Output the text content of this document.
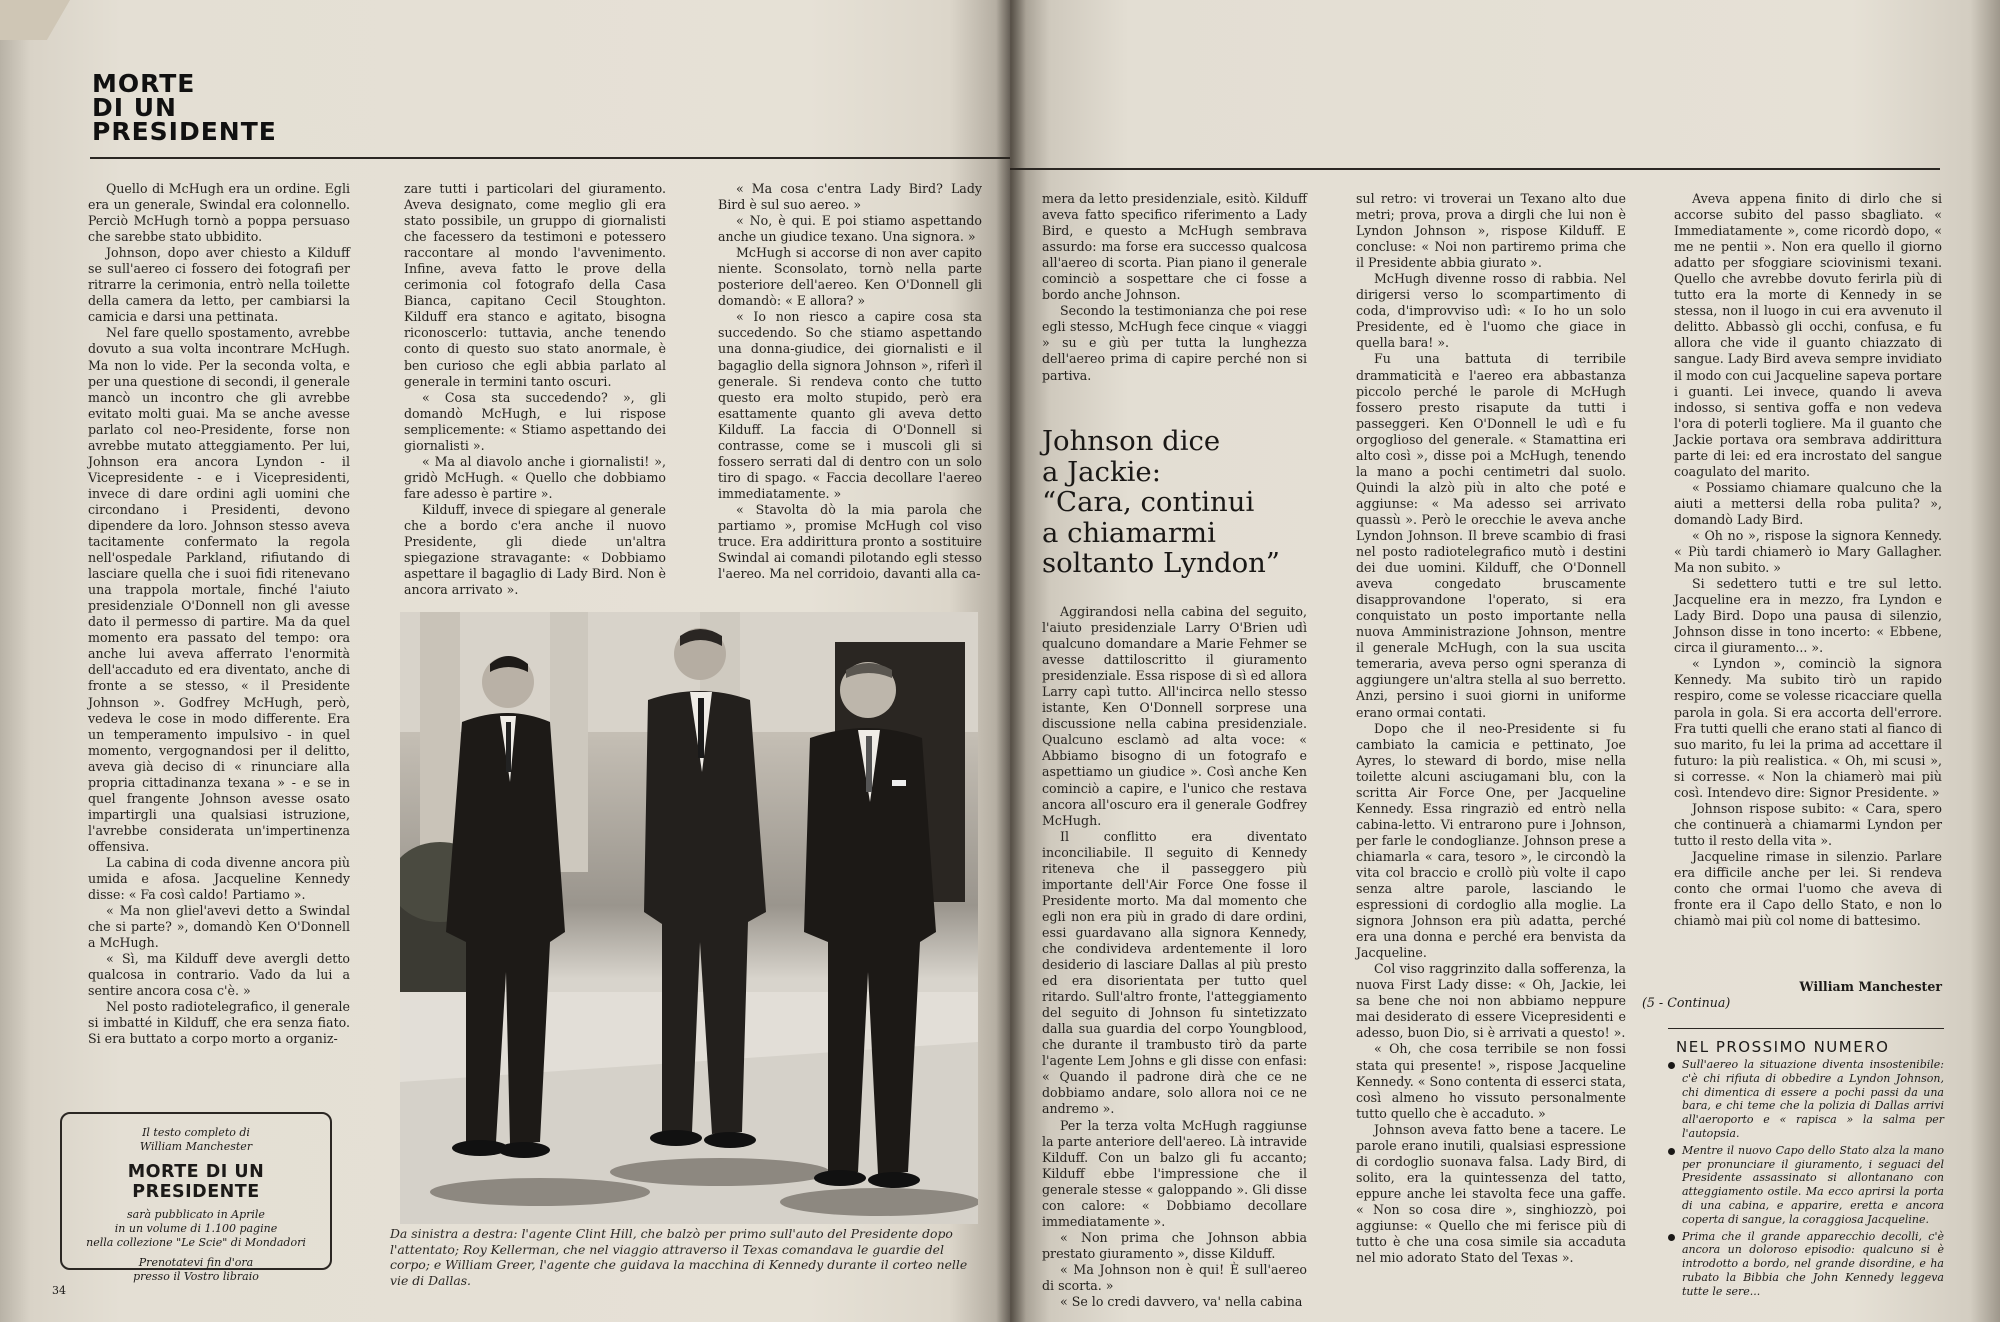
MORTE
DI UN
PRESIDENTE

Quello di McHugh era un ordine. Egli era un generale, Swindal era colonnello. Perciò McHugh tornò a poppa persuaso che sarebbe stato ubbidito.

Johnson, dopo aver chiesto a Kilduff se sull'aereo ci fossero dei fotografi per ritrarre la cerimonia, entrò nella toilette della camera da letto, per cambiarsi la camicia e darsi una pettinata.

Nel fare quello spostamento, avrebbe dovuto a sua volta incontrare McHugh. Ma non lo vide. Per la seconda volta, e per una questione di secondi, il generale mancò un incontro che gli avrebbe evitato molti guai. Ma se anche avesse parlato col neo-Presidente, forse non avrebbe mutato atteggiamento. Per lui, Johnson era ancora Lyndon - il Vicepresidente - e i Vicepresidenti, invece di dare ordini agli uomini che circondano i Presidenti, devono dipendere da loro. Johnson stesso aveva tacitamente confermato la regola nell'ospedale Parkland, rifiutando di lasciare quella che i suoi fidi ritenevano una trappola mortale, finché l'aiuto presidenziale O'Donnell non gli avesse dato il permesso di partire. Ma da quel momento era passato del tempo: ora anche lui aveva afferrato l'enormità dell'accaduto ed era diventato, anche di fronte a se stesso, « il Presidente Johnson ». Godfrey McHugh, però, vedeva le cose in modo differente. Era un temperamento impulsivo - in quel momento, vergognandosi per il delitto, aveva già deciso di « rinunciare alla propria cittadinanza texana » - e se in quel frangente Johnson avesse osato impartirgli una qualsiasi istruzione, l'avrebbe considerata un'impertinenza offensiva.

La cabina di coda divenne ancora più umida e afosa. Jacqueline Kennedy disse: « Fa così caldo! Partiamo ».

« Ma non gliel'avevi detto a Swindal che si parte? », domandò Ken O'Donnell a McHugh.

« Sì, ma Kilduff deve avergli detto qualcosa in contrario. Vado da lui a sentire ancora cosa c'è. »

Nel posto radiotelegrafico, il generale si imbatté in Kilduff, che era senza fiato. Si era buttato a corpo morto a organiz-

zare tutti i particolari del giuramento. Aveva designato, come meglio gli era stato possibile, un gruppo di giornalisti che facessero da testimoni e potessero raccontare al mondo l'avvenimento. Infine, aveva fatto le prove della cerimonia col fotografo della Casa Bianca, capitano Cecil Stoughton. Kilduff era stanco e agitato, bisogna riconoscerlo: tuttavia, anche tenendo conto di questo suo stato anormale, è ben curioso che egli abbia parlato al generale in termini tanto oscuri.

« Cosa sta succedendo? », gli domandò McHugh, e lui rispose semplicemente: « Stiamo aspettando dei giornalisti ».

« Ma al diavolo anche i giornalisti! », gridò McHugh. « Quello che dobbiamo fare adesso è partire ».

Kilduff, invece di spiegare al generale che a bordo c'era anche il nuovo Presidente, gli diede un'altra spiegazione stravagante: « Dobbiamo aspettare il bagaglio di Lady Bird. Non è ancora arrivato ».

« Ma cosa c'entra Lady Bird? Lady Bird è sul suo aereo. »

« No, è qui. E poi stiamo aspettando anche un giudice texano. Una signora. »

McHugh si accorse di non aver capito niente. Sconsolato, tornò nella parte posteriore dell'aereo. Ken O'Donnell gli domandò: « E allora? »

« Io non riesco a capire cosa sta succedendo. So che stiamo aspettando una donna-giudice, dei giornalisti e il bagaglio della signora Johnson », riferì il generale. Si rendeva conto che tutto questo era molto stupido, però era esattamente quanto gli aveva detto Kilduff. La faccia di O'Donnell si contrasse, come se i muscoli gli si fossero serrati dal di dentro con un solo tiro di spago. « Faccia decollare l'aereo immediatamente. »

« Stavolta dò la mia parola che partiamo », promise McHugh col viso truce. Era addirittura pronto a sostituire Swindal ai comandi pilotando egli stesso l'aereo. Ma nel corridoio, davanti alla ca-

Da sinistra a destra: l'agente Clint Hill, che balzò per primo sull'auto del Presidente dopo l'attentato; Roy Kellerman, che nel viaggio attraverso il Texas comandava le guardie del corpo; e William Greer, l'agente che guidava la macchina di Kennedy durante il corteo nelle vie di Dallas.
Il testo completo di
William Manchester
MORTE DI UN PRESIDENTE
sarà pubblicato in Aprile
in un volume di 1.100 pagine
nella collezione "Le Scie" di Mondadori
Prenotatevi fin d'ora
presso il Vostro libraio
34

mera da letto presidenziale, esitò. Kilduff aveva fatto specifico riferimento a Lady Bird, e questo a McHugh sembrava assurdo: ma forse era successo qualcosa all'aereo di scorta. Pian piano il generale cominciò a sospettare che ci fosse a bordo anche Johnson.

Secondo la testimonianza che poi rese egli stesso, McHugh fece cinque « viaggi » su e giù per tutta la lunghezza dell'aereo prima di capire perché non si partiva.

Johnson dice
a Jackie:
“Cara, continui
a chiamarmi
soltanto Lyndon”

Aggirandosi nella cabina del seguito, l'aiuto presidenziale Larry O'Brien udì qualcuno domandare a Marie Fehmer se avesse dattiloscritto il giuramento presidenziale. Essa rispose di sì ed allora Larry capì tutto. All'incirca nello stesso istante, Ken O'Donnell sorprese una discussione nella cabina presidenziale. Qualcuno esclamò ad alta voce: « Abbiamo bisogno di un fotografo e aspettiamo un giudice ». Così anche Ken cominciò a capire, e l'unico che restava ancora all'oscuro era il generale Godfrey McHugh.

Il conflitto era diventato inconciliabile. Il seguito di Kennedy riteneva che il passeggero più importante dell'Air Force One fosse il Presidente morto. Ma dal momento che egli non era più in grado di dare ordini, essi guardavano alla signora Kennedy, che condivideva ardentemente il loro desiderio di lasciare Dallas al più presto ed era disorientata per tutto quel ritardo. Sull'altro fronte, l'atteggiamento del seguito di Johnson fu sintetizzato dalla sua guardia del corpo Youngblood, che durante il trambusto tirò da parte l'agente Lem Johns e gli disse con enfasi: « Quando il padrone dirà che ce ne dobbiamo andare, solo allora noi ce ne andremo ».

Per la terza volta McHugh raggiunse la parte anteriore dell'aereo. Là intravide Kilduff. Con un balzo gli fu accanto; Kilduff ebbe l'impressione che il generale stesse « galoppando ». Gli disse con calore: « Dobbiamo decollare immediatamente ».

« Non prima che Johnson abbia prestato giuramento », disse Kilduff.

« Ma Johnson non è qui! È sull'aereo di scorta. »

« Se lo credi davvero, va' nella cabina

sul retro: vi troverai un Texano alto due metri; prova, prova a dirgli che lui non è Lyndon Johnson », rispose Kilduff. E concluse: « Noi non partiremo prima che il Presidente abbia giurato ».

McHugh divenne rosso di rabbia. Nel dirigersi verso lo scompartimento di coda, d'improvviso udì: « Io ho un solo Presidente, ed è l'uomo che giace in quella bara! ».

Fu una battuta di terribile drammaticità e l'aereo era abbastanza piccolo perché le parole di McHugh fossero presto risapute da tutti i passeggeri. Ken O'Donnell le udì e fu orgoglioso del generale. « Stamattina eri alto così », disse poi a McHugh, tenendo la mano a pochi centimetri dal suolo. Quindi la alzò più in alto che poté e aggiunse: « Ma adesso sei arrivato quassù ». Però le orecchie le aveva anche Lyndon Johnson. Il breve scambio di frasi nel posto radiotelegrafico mutò i destini dei due uomini. Kilduff, che O'Donnell aveva congedato bruscamente disapprovandone l'operato, si era conquistato un posto importante nella nuova Amministrazione Johnson, mentre il generale McHugh, con la sua uscita temeraria, aveva perso ogni speranza di aggiungere un'altra stella al suo berretto. Anzi, persino i suoi giorni in uniforme erano ormai contati.

Dopo che il neo-Presidente si fu cambiato la camicia e pettinato, Joe Ayres, lo steward di bordo, mise nella toilette alcuni asciugamani blu, con la scritta Air Force One, per Jacqueline Kennedy. Essa ringraziò ed entrò nella cabina-letto. Vi entrarono pure i Johnson, per farle le condoglianze. Johnson prese a chiamarla « cara, tesoro », le circondò la vita col braccio e crollò più volte il capo senza altre parole, lasciando le espressioni di cordoglio alla moglie. La signora Johnson era più adatta, perché era una donna e perché era benvista da Jacqueline.

Col viso raggrinzito dalla sofferenza, la nuova First Lady disse: « Oh, Jackie, lei sa bene che noi non abbiamo neppure mai desiderato di essere Vicepresidenti e adesso, buon Dio, si è arrivati a questo! ».

« Oh, che cosa terribile se non fossi stata qui presente! », rispose Jacqueline Kennedy. « Sono contenta di esserci stata, così almeno ho vissuto personalmente tutto quello che è accaduto. »

Johnson aveva fatto bene a tacere. Le parole erano inutili, qualsiasi espressione di cordoglio suonava falsa. Lady Bird, di solito, era la quintessenza del tatto, eppure anche lei stavolta fece una gaffe. « Non so cosa dire », singhiozzò, poi aggiunse: « Quello che mi ferisce più di tutto è che una cosa simile sia accaduta nel mio adorato Stato del Texas ».

Aveva appena finito di dirlo che si accorse subito del passo sbagliato. « Immediatamente », come ricordò dopo, « me ne pentii ». Non era quello il giorno adatto per sfoggiare sciovinismi texani. Quello che avrebbe dovuto ferirla più di tutto era la morte di Kennedy in se stessa, non il luogo in cui era avvenuto il delitto. Abbassò gli occhi, confusa, e fu allora che vide il guanto chiazzato di sangue. Lady Bird aveva sempre invidiato il modo con cui Jacqueline sapeva portare i guanti. Lei invece, quando li aveva indosso, si sentiva goffa e non vedeva l'ora di poterli togliere. Ma il guanto che Jackie portava ora sembrava addirittura parte di lei: ed era incrostato del sangue coagulato del marito.

« Possiamo chiamare qualcuno che la aiuti a mettersi della roba pulita? », domandò Lady Bird.

« Oh no », rispose la signora Kennedy. « Più tardi chiamerò io Mary Gallagher. Ma non subito. »

Si sedettero tutti e tre sul letto. Jacqueline era in mezzo, fra Lyndon e Lady Bird. Dopo una pausa di silenzio, Johnson disse in tono incerto: « Ebbene, circa il giuramento... ».

« Lyndon », cominciò la signora Kennedy. Ma subito tirò un rapido respiro, come se volesse ricacciare quella parola in gola. Si era accorta dell'errore. Fra tutti quelli che erano stati al fianco di suo marito, fu lei la prima ad accettare il futuro: la più realistica. « Oh, mi scusi », si corresse. « Non la chiamerò mai più così. Intendevo dire: Signor Presidente. »

Johnson rispose subito: « Cara, spero che continuerà a chiamarmi Lyndon per tutto il resto della vita ».

Jacqueline rimase in silenzio. Parlare era difficile anche per lei. Si rendeva conto che ormai l'uomo che aveva di fronte era il Capo dello Stato, e non lo chiamò mai più col nome di battesimo.

William Manchester
(5 - Continua)
NEL PROSSIMO NUMERO
Sull'aereo la situazione diventa insostenibile: c'è chi rifiuta di obbedire a Lyndon Johnson, chi dimentica di essere a pochi passi da una bara, e chi teme che la polizia di Dallas arrivi all'aeroporto e « rapisca » la salma per l'autopsia.
Mentre il nuovo Capo dello Stato alza la mano per pronunciare il giuramento, i seguaci del Presidente assassinato si allontanano con atteggiamento ostile. Ma ecco aprirsi la porta di una cabina, e apparire, eretta e ancora coperta di sangue, la coraggiosa Jacqueline.
Prima che il grande apparecchio decolli, c'è ancora un doloroso episodio: qualcuno si è introdotto a bordo, nel grande disordine, e ha rubato la Bibbia che John Kennedy leggeva tutte le sere...
